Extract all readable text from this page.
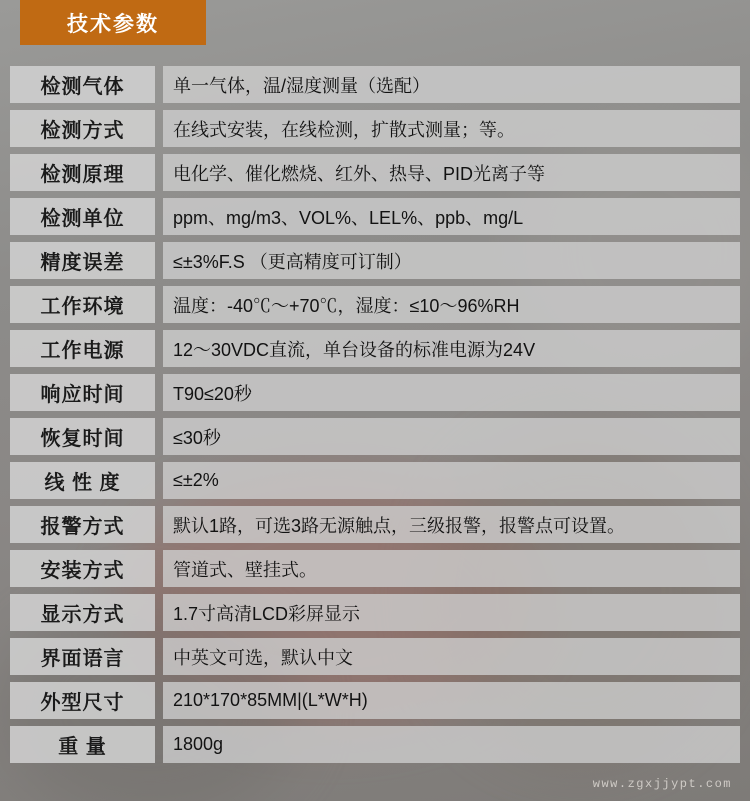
技术参数
检测气体	单一气体，温/湿度测量（选配）
检测方式	在线式安装，在线检测，扩散式测量；等。
检测原理	电化学、催化燃烧、红外、热导、PID光离子等
检测单位	ppm、mg/m3、VOL%、LEL%、ppb、mg/L
精度误差	≤±3%F.S （更高精度可订制）
工作环境	温度：-40℃～+70℃，湿度：≤10～96%RH
工作电源	12～30VDC直流，单台设备的标准电源为24V
响应时间	T90≤20秒
恢复时间	≤30秒
线 性 度	≤±2%
报警方式	默认1路，可选3路无源触点，三级报警，报警点可设置。
安装方式	管道式、壁挂式。
显示方式	1.7寸高清LCD彩屏显示
界面语言	中英文可选，默认中文
外型尺寸	210*170*85MM|(L*W*H)
重 量	1800g
www.zgxjjypt.com
